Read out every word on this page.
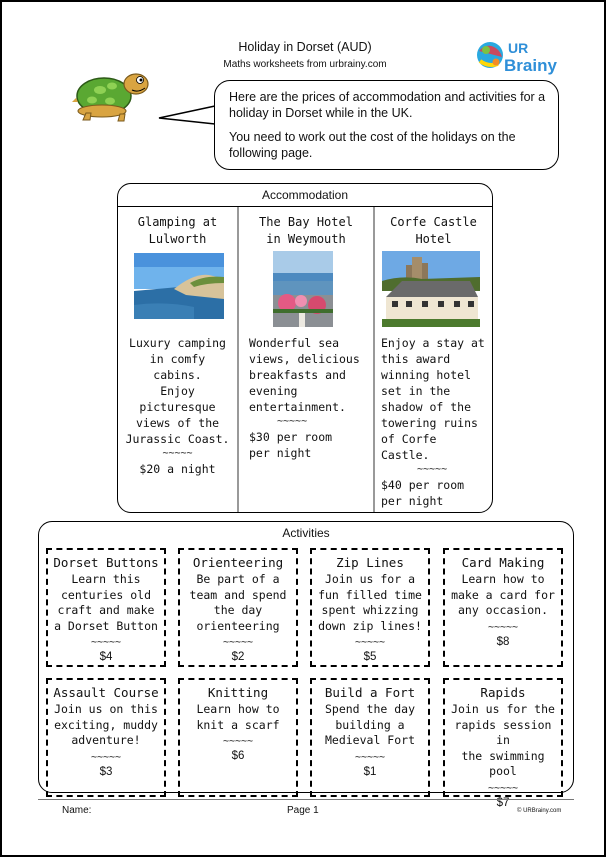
Holiday in Dorset (AUD)
Maths worksheets from urbrainy.com
UR
Brainy

Here are the prices of accommodation and activities for a holiday in Dorset while in the UK.

You need to work out the cost of the holidays on the following page.

Accommodation
Glamping at
Lulworth
Luxury camping
in comfy cabins.
Enjoy
picturesque
views of the
Jurassic Coast.
~~~~~
$20 a night
The Bay Hotel
in Weymouth
Wonderful sea
views, delicious
breakfasts and
evening
entertainment.
~~~~~
$30 per room
per night
Corfe Castle
Hotel
Enjoy a stay at
this award
winning hotel
set in the
shadow of the
towering ruins
of Corfe Castle.
~~~~~
$40 per room
per night
Activities
Dorset Buttons
Learn this
centuries old
craft and make
a Dorset Button
~~~~~
$4
Orienteering
Be part of a
team and spend
the day
orienteering
~~~~~
$2
Zip Lines
Join us for a
fun filled time
spent whizzing
down zip lines!
~~~~~
$5
Card Making
Learn how to
make a card for
any occasion.
~~~~~
$8
Assault Course
Join us on this
exciting, muddy
adventure!
~~~~~
$3
Knitting
Learn how to
knit a scarf
~~~~~
$6
Build a Fort
Spend the day
building a
Medieval Fort
~~~~~
$1
Rapids
Join us for the
rapids session in
the swimming pool
~~~~~
$7
Name:	Page 1	© URBrainy.com
